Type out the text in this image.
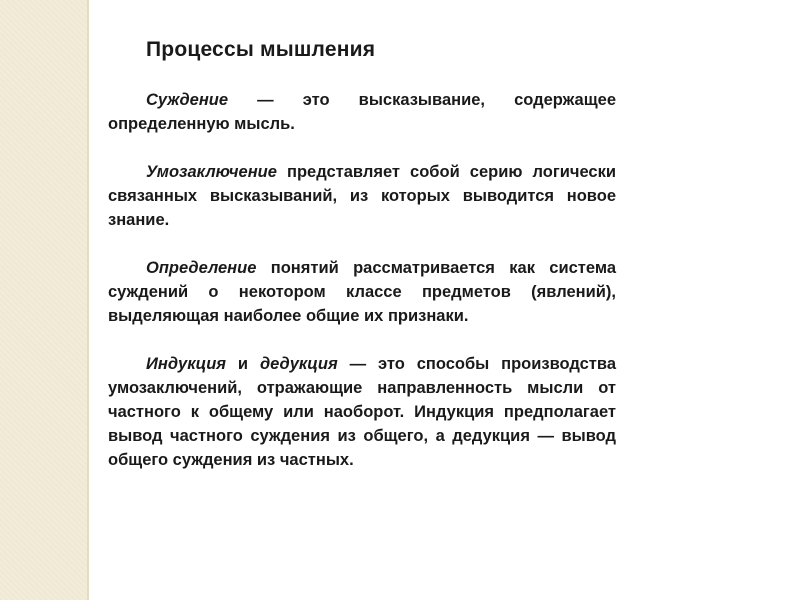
Процессы мышления

Суждение — это высказывание, содержащее определенную мысль.

Умозаключение представляет собой серию логически связанных высказываний, из которых выводится новое знание.

Определение понятий рассматривается как система суждений о некотором классе предметов (явлений), выделяющая наиболее общие их признаки.

Индукция и дедукция — это способы производства умозаключений, отражающие направленность мысли от частного к общему или наоборот. Индукция предполагает вывод частного суждения из общего, а дедукция — вывод общего суждения из частных.
